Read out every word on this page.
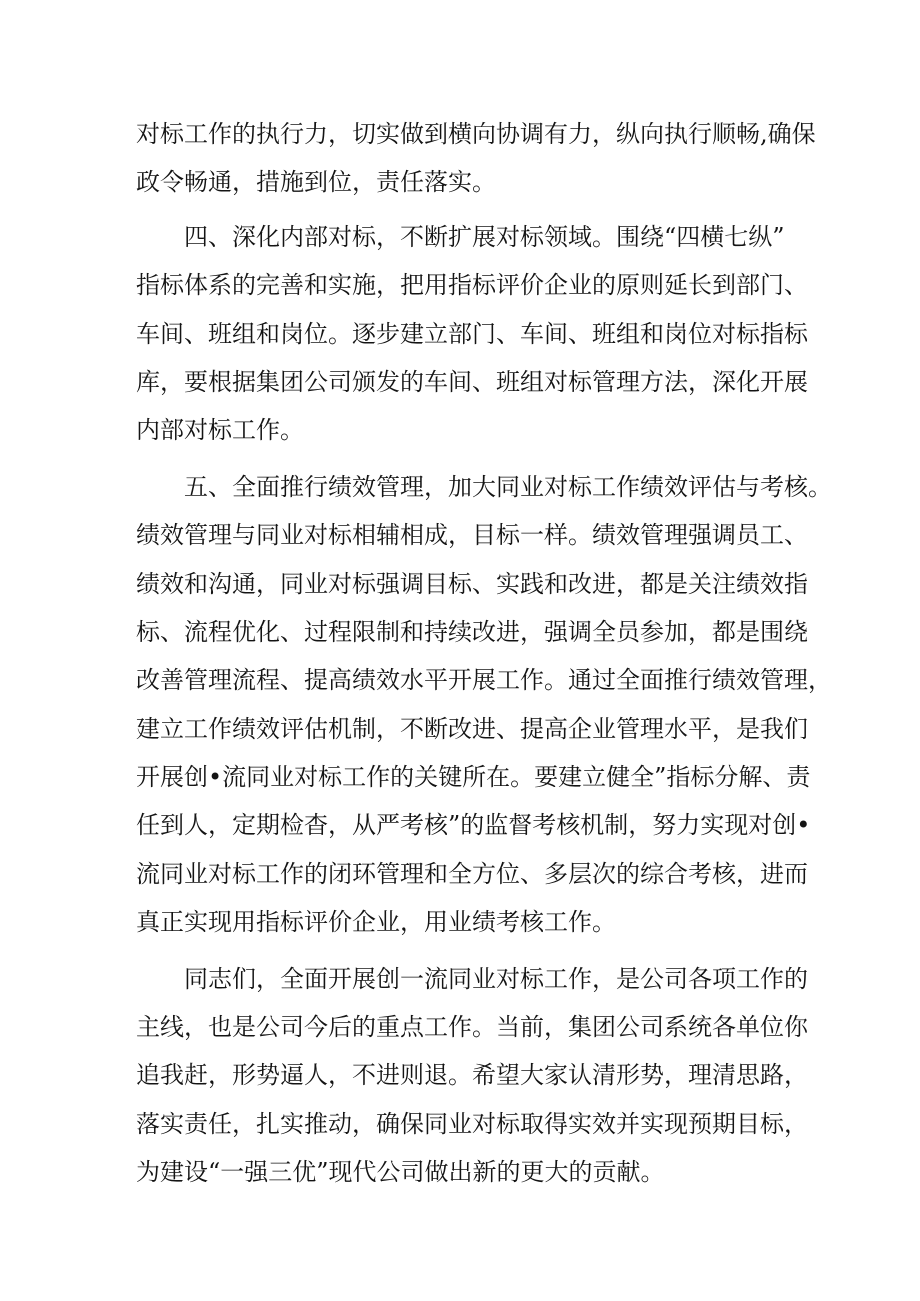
对标工作的执行力，切实做到横向协调有力，纵向执行顺畅,确保
政令畅通，措施到位，责任落实。
四、深化内部对标，不断扩展对标领域。围绕“四横七纵”
指标体系的完善和实施，把用指标评价企业的原则延长到部门、
车间、班组和岗位。逐步建立部门、车间、班组和岗位对标指标
库，要根据集团公司颁发的车间、班组对标管理方法，深化开展
内部对标工作。
五、全面推行绩效管理，加大同业对标工作绩效评估与考核。
绩效管理与同业对标相辅相成，目标一样。绩效管理强调员工、
绩效和沟通，同业对标强调目标、实践和改进，都是关注绩效指
标、流程优化、过程限制和持续改进，强调全员参加，都是围绕
改善管理流程、提高绩效水平开展工作。通过全面推行绩效管理，
建立工作绩效评估机制，不断改进、提高企业管理水平，是我们
开展创•流同业对标工作的关键所在。要建立健全”指标分解、责
任到人，定期检杳，从严考核”的监督考核机制，努力实现对创•
流同业对标工作的闭环管理和全方位、多层次的综合考核，进而
真正实现用指标评价企业，用业绩考核工作。
同志们，全面开展创一流同业对标工作，是公司各项工作的
主线，也是公司今后的重点工作。当前，集团公司系统各单位你
追我赶，形势逼人，不进则退。希望大家认清形势，理清思路，
落实责任，扎实推动，确保同业对标取得实效并实现预期目标，
为建设“一强三优”现代公司做出新的更大的贡献。
